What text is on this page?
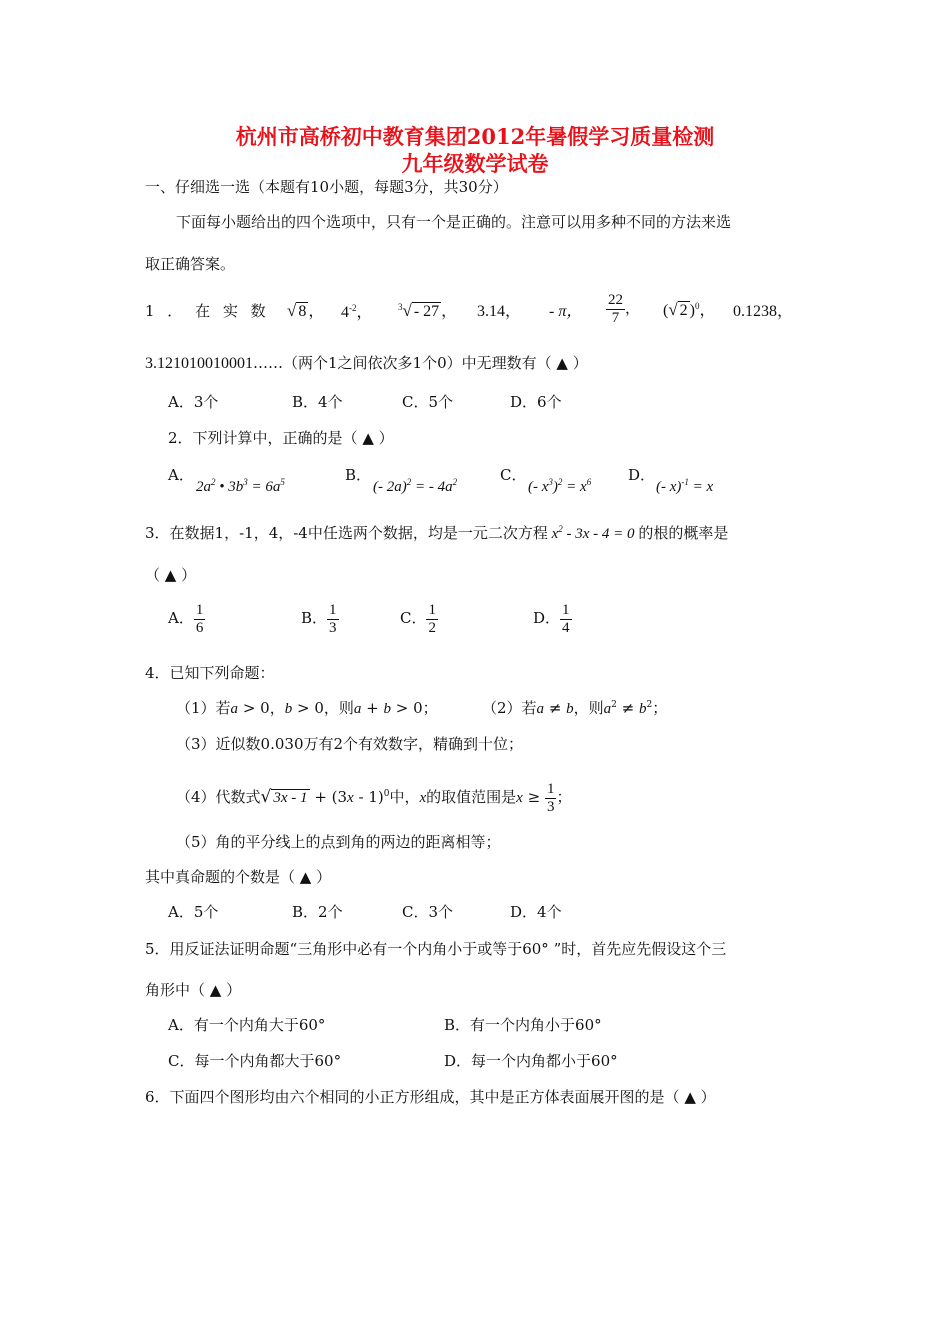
杭州市高桥初中教育集团2012年暑假学习质量检测
九年级数学试卷
一、仔细选一选（本题有10小题，每题3分，共30分）
下面每小题给出的四个选项中，只有一个是正确的。注意可以用多种不同的方法来选
取正确答案。
1 ． 在 实 数 √ 8 ， $4^{-2}$，	$^3$√ - 27 ， 3.14， - π， $\frac{22}{7}$ ， (√ 2 )$^0$， 0.1238，
3.121010010001……（两个1之间依次多1个0）中无理数有（ ▲ ）
A．3个	B．4个	C．5个	D．6个
2．下列计算中，正确的是（ ▲ ）
A．
$2a^2$ • $3b^3 = 6a^5$	B．
(- 2a)$^2$ = - $4a^2$	C．
(- $x^3)^2 = x^6$ D．
(- x)$^{-1}$ = x
3．在数据1，-1，4，-4中任选两个数据，均是一元二次方程 $x^2 - 3x - 4 = 0$ 的根的概率是
（ ▲ ）
A． $\frac{1}{6}$	B． $\frac{1}{3}$	C． $\frac{1}{2}$	D． $\frac{1}{4}$
4．已知下列命题：
（1）若a > 0，b > 0，则a + b > 0；	（2）若a ≠ b，则$a^2 \ne b^2$；
（3）近似数0.030万有2个有效数字，精确到十位；
（4）代数式√ 3x - 1 + (3x - 1)$^0$中，x的取值范围是$x \ge \frac{1}{3}$ ；
（5）角的平分线上的点到角的两边的距离相等；
其中真命题的个数是（ ▲ ）
A．5个	B．2个	C．3个	D．4个
5．用反证法证明命题“三角形中必有一个内角小于或等于60° ”时，首先应先假设这个三
角形中（ ▲ ）
A．有一个内角大于60°	B．有一个内角小于60°
C．每一个内角都大于60°	D．每一个内角都小于60°
6．下面四个图形均由六个相同的小正方形组成，其中是正方体表面展开图的是（ ▲ ）
